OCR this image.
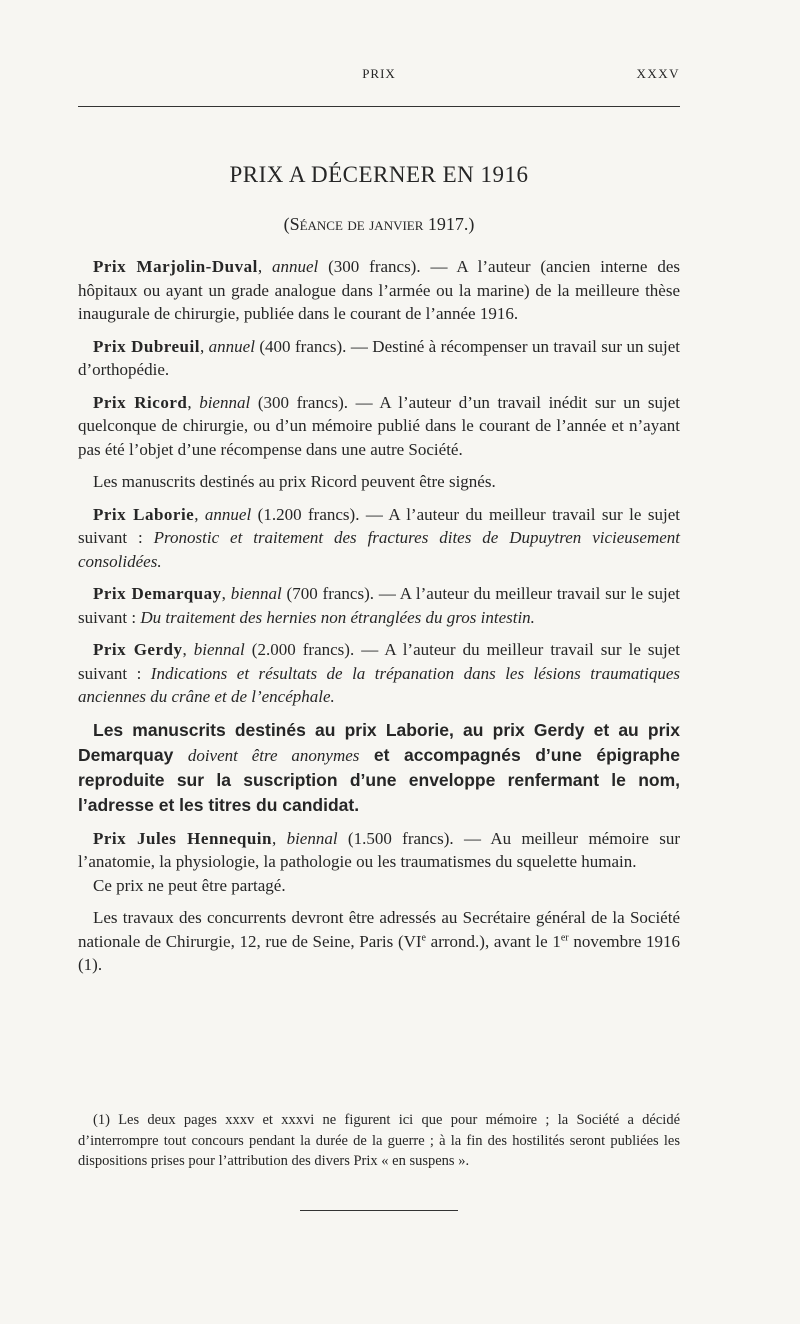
PRIX	XXXV
PRIX A DÉCERNER EN 1916
(Séance de janvier 1917.)

Prix Marjolin-Duval, annuel (300 francs). — A l’auteur (ancien interne des hôpitaux ou ayant un grade analogue dans l’armée ou la marine) de la meilleure thèse inaugurale de chirurgie, publiée dans le courant de l’année 1916.

Prix Dubreuil, annuel (400 francs). — Destiné à récompenser un travail sur un sujet d’orthopédie.

Prix Ricord, biennal (300 francs). — A l’auteur d’un travail inédit sur un sujet quelconque de chirurgie, ou d’un mémoire publié dans le courant de l’année et n’ayant pas été l’objet d’une récompense dans une autre Société.

Les manuscrits destinés au prix Ricord peuvent être signés.

Prix Laborie, annuel (1.200 francs). — A l’auteur du meilleur travail sur le sujet suivant : Pronostic et traitement des fractures dites de Dupuytren vicieusement consolidées.

Prix Demarquay, biennal (700 francs). — A l’auteur du meilleur travail sur le sujet suivant : Du traitement des hernies non étranglées du gros intestin.

Prix Gerdy, biennal (2.000 francs). — A l’auteur du meilleur travail sur le sujet suivant : Indications et résultats de la trépanation dans les lésions traumatiques anciennes du crâne et de l’encéphale.

Les manuscrits destinés au prix Laborie, au prix Gerdy et au prix Demarquay doivent être anonymes et accompagnés d’une épigraphe reproduite sur la suscription d’une enveloppe renfermant le nom, l’adresse et les titres du candidat.

Prix Jules Hennequin, biennal (1.500 francs). — Au meilleur mémoire sur l’anatomie, la physiologie, la pathologie ou les traumatismes du squelette humain.

Ce prix ne peut être partagé.

Les travaux des concurrents devront être adressés au Secrétaire général de la Société nationale de Chirurgie, 12, rue de Seine, Paris (VIe arrond.), avant le 1er novembre 1916 (1).

(1) Les deux pages xxxv et xxxvi ne figurent ici que pour mémoire ; la Société a décidé d’interrompre tout concours pendant la durée de la guerre ; à la fin des hostilités seront publiées les dispositions prises pour l’attribution des divers Prix « en suspens ».
